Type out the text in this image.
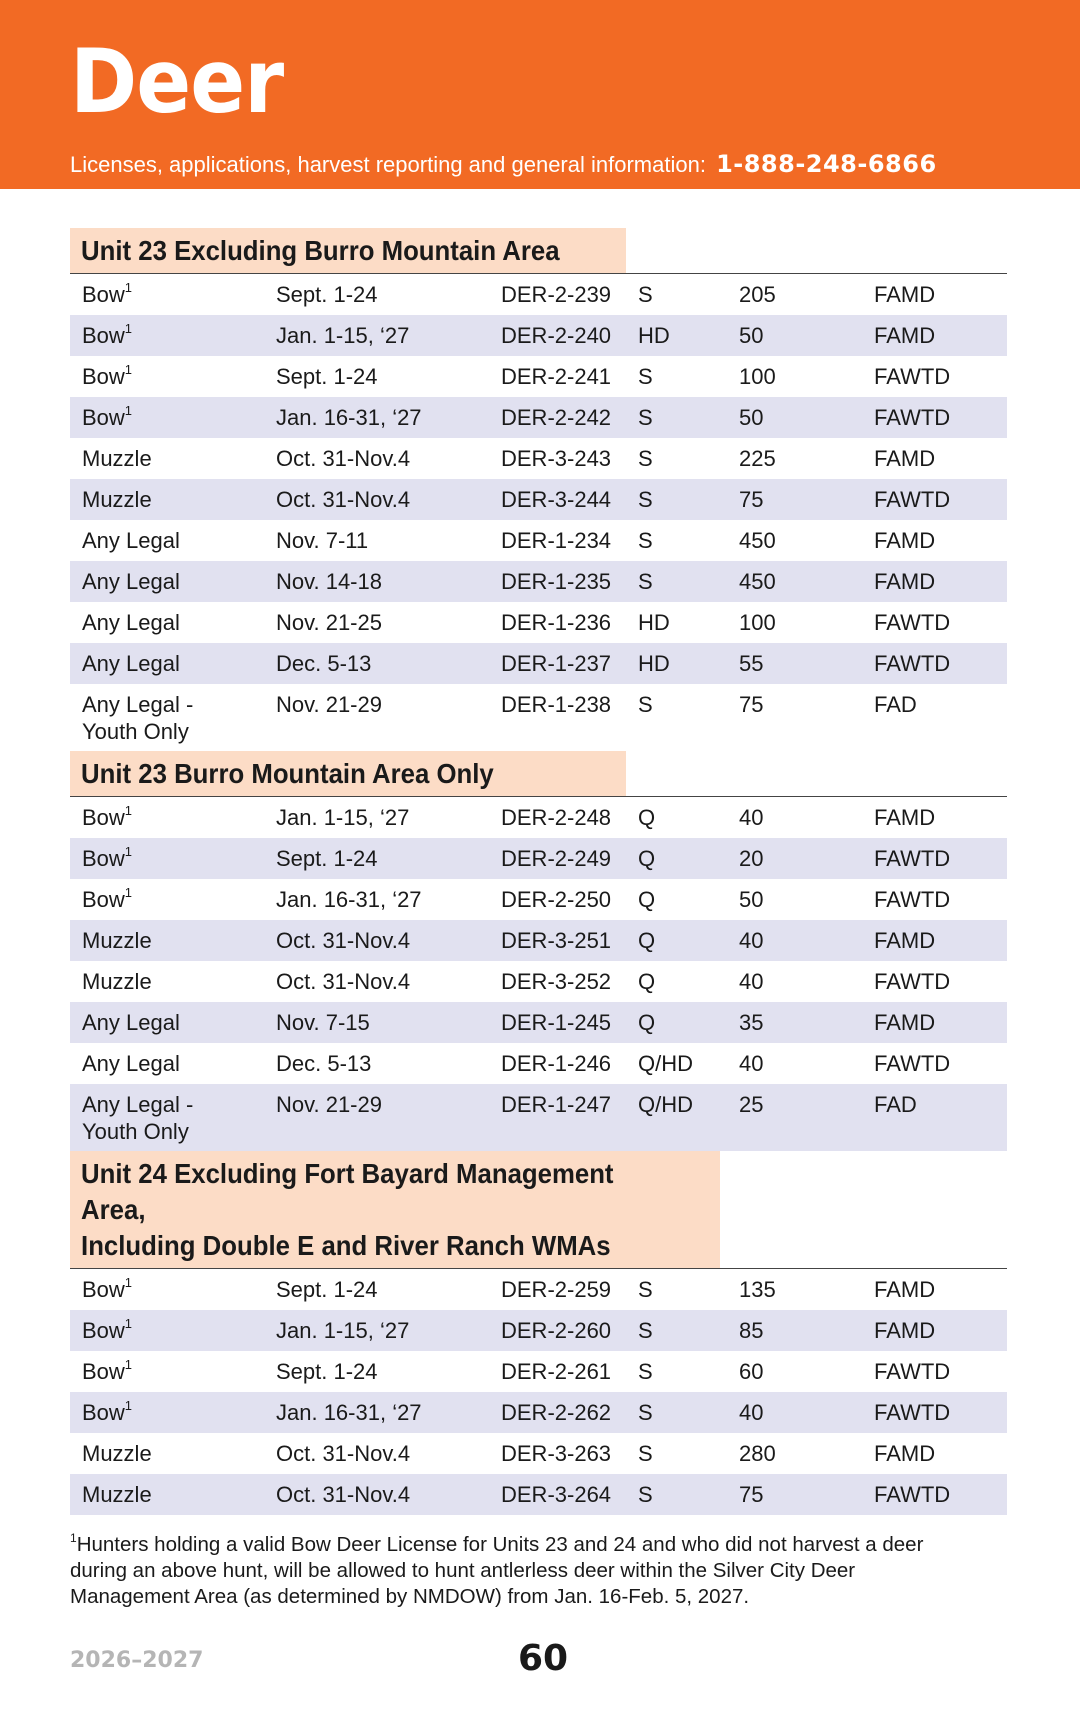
Deer
Licenses, applications, harvest reporting and general information: 1-888-248-6866
Unit 23 Excluding Burro Mountain Area
Bow$^1$	Sept. 1-24	DER-2-239	S	205	FAMD
Bow$^1$	Jan. 1-15, ‘27	DER-2-240	HD	50	FAMD
Bow$^1$	Sept. 1-24	DER-2-241	S	100	FAWTD
Bow$^1$	Jan. 16-31, ‘27	DER-2-242	S	50	FAWTD
Muzzle	Oct. 31-Nov.4	DER-3-243	S	225	FAMD
Muzzle	Oct. 31-Nov.4	DER-3-244	S	75	FAWTD
Any Legal	Nov. 7-11	DER-1-234	S	450	FAMD
Any Legal	Nov. 14-18	DER-1-235	S	450	FAMD
Any Legal	Nov. 21-25	DER-1-236	HD	100	FAWTD
Any Legal	Dec. 5-13	DER-1-237	HD	55	FAWTD
Any Legal -
Youth Only	Nov. 21-29	DER-1-238	S	75	FAD
Unit 23 Burro Mountain Area Only
Bow$^1$	Jan. 1-15, ‘27	DER-2-248	Q	40	FAMD
Bow$^1$	Sept. 1-24	DER-2-249	Q	20	FAWTD
Bow$^1$	Jan. 16-31, ‘27	DER-2-250	Q	50	FAWTD
Muzzle	Oct. 31-Nov.4	DER-3-251	Q	40	FAMD
Muzzle	Oct. 31-Nov.4	DER-3-252	Q	40	FAWTD
Any Legal	Nov. 7-15	DER-1-245	Q	35	FAMD
Any Legal	Dec. 5-13	DER-1-246	Q/HD	40	FAWTD
Any Legal -
Youth Only	Nov. 21-29	DER-1-247	Q/HD	25	FAD
Unit 24 Excluding Fort Bayard Management Area,
Including Double E and River Ranch WMAs
Bow$^1$	Sept. 1-24	DER-2-259	S	135	FAMD
Bow$^1$	Jan. 1-15, ‘27	DER-2-260	S	85	FAMD
Bow$^1$	Sept. 1-24	DER-2-261	S	60	FAWTD
Bow$^1$	Jan. 16-31, ‘27	DER-2-262	S	40	FAWTD
Muzzle	Oct. 31-Nov.4	DER-3-263	S	280	FAMD
Muzzle	Oct. 31-Nov.4	DER-3-264	S	75	FAWTD
$^1$Hunters holding a valid Bow Deer License for Units 23 and 24 and who did not harvest a deer during an above hunt, will be allowed to hunt antlerless deer within the Silver City Deer Management Area (as determined by NMDOW) from Jan. 16-Feb. 5, 2027.
2026–2027	60
